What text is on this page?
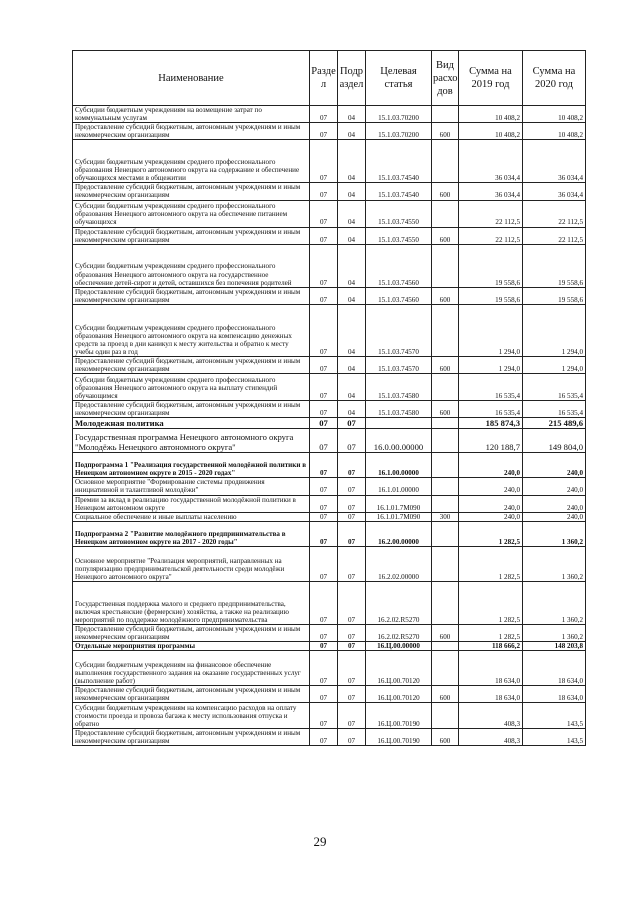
Наименование	Разде л	Подр аздел	Целевая статья	Вид расхо дов	Сумма на 2019 год	Сумма на 2020 год
Субсидии бюджетным учреждениям на возмещение затрат по коммунальным услугам	07	04	15.1.03.70200		10 408,2	10 408,2
Предоставление субсидий бюджетным, автономным учреждениям и иным некоммерческим организациям	07	04	15.1.03.70200	600	10 408,2	10 408,2
Субсидии бюджетным учреждениям среднего профессионального образования Ненецкого автономного округа на содержание и обеспечение обучающихся местами в общежитии	07	04	15.1.03.74540		36 034,4	36 034,4
Предоставление субсидий бюджетным, автономным учреждениям и иным некоммерческим организациям	07	04	15.1.03.74540	600	36 034,4	36 034,4
Субсидии бюджетным учреждениям среднего профессионального образования Ненецкого автономного округа на обеспечение питанием обучающихся	07	04	15.1.03.74550		22 112,5	22 112,5
Предоставление субсидий бюджетным, автономным учреждениям и иным некоммерческим организациям	07	04	15.1.03.74550	600	22 112,5	22 112,5
Субсидии бюджетным учреждениям среднего профессионального образования Ненецкого автономного округа на государственное обеспечение детей-сирот и детей, оставшихся без попечения родителей	07	04	15.1.03.74560		19 558,6	19 558,6
Предоставление субсидий бюджетным, автономным учреждениям и иным некоммерческим организациям	07	04	15.1.03.74560	600	19 558,6	19 558,6
Субсидии бюджетным учреждениям среднего профессионального образования Ненецкого автономного округа на компенсацию денежных средств за проезд в дни каникул к месту жительства и обратно к месту учебы один раз в год	07	04	15.1.03.74570		1 294,0	1 294,0
Предоставление субсидий бюджетным, автономным учреждениям и иным некоммерческим организациям	07	04	15.1.03.74570	600	1 294,0	1 294,0
Субсидии бюджетным учреждениям среднего профессионального образования Ненецкого автономного округа на выплату стипендий обучающимся	07	04	15.1.03.74580		16 535,4	16 535,4
Предоставление субсидий бюджетным, автономным учреждениям и иным некоммерческим организациям	07	04	15.1.03.74580	600	16 535,4	16 535,4
Молодежная политика	07	07			185 874,3	215 489,6
Государственная программа Ненецкого автономного округа "Молодёжь Ненецкого автономного округа"	07	07	16.0.00.00000		120 188,7	149 804,0
Подпрограмма 1 "Реализация государственной молодёжной политики в Ненецком автономном округе в 2015 - 2020 годах"	07	07	16.1.00.00000		240,0	240,0
Основное мероприятие "Формирование системы продвижения инициативной и талантливой молодёжи"	07	07	16.1.01.00000		240,0	240,0
Премии за вклад в реализацию государственной молодёжной политики в Ненецком автономном округе	07	07	16.1.01.7М090		240,0	240,0
Социальное обеспечение и иные выплаты населению	07	07	16.1.01.7М090	300	240,0	240,0
Подпрограмма 2 "Развитие молодёжного предпринимательства в Ненецком автономном округе на 2017 - 2020 годы"	07	07	16.2.00.00000		1 282,5	1 360,2
Основное мероприятие "Реализация мероприятий, направленных на популяризацию предпринимательской деятельности среди молодёжи Ненецкого автономного округа"	07	07	16.2.02.00000		1 282,5	1 360,2
Государственная поддержка малого и среднего предпринимательства, включая крестьянские (фермерские) хозяйства, а также на реализацию мероприятий по поддержке молодёжного предпринимательства	07	07	16.2.02.R5270		1 282,5	1 360,2
Предоставление субсидий бюджетным, автономным учреждениям и иным некоммерческим организациям	07	07	16.2.02.R5270	600	1 282,5	1 360,2
Отдельные мероприятия программы	07	07	16.Ц.00.00000		118 666,2	148 203,8
Субсидии бюджетным учреждениям на финансовое обеспечение выполнения государственного задания на оказание государственных услуг (выполнение работ)	07	07	16.Ц.00.70120		18 634,0	18 634,0
Предоставление субсидий бюджетным, автономным учреждениям и иным некоммерческим организациям	07	07	16.Ц.00.70120	600	18 634,0	18 634,0
Субсидии бюджетным учреждениям на компенсацию расходов на оплату стоимости проезда и провоза багажа к месту использования отпуска и обратно	07	07	16.Ц.00.70190		408,3	143,5
Предоставление субсидий бюджетным, автономным учреждениям и иным некоммерческим организациям	07	07	16.Ц.00.70190	600	408,3	143,5
29
